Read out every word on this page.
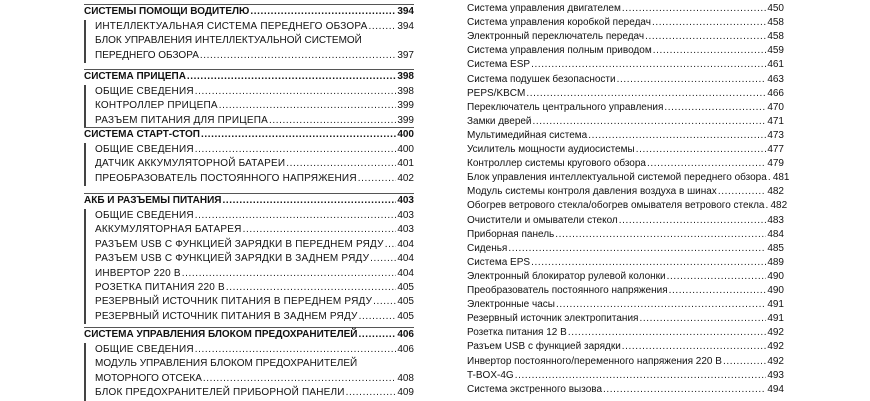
СИСТЕМЫ ПОМОЩИ ВОДИТЕЛЮ .....	394
ИНТЕЛЛЕКТУАЛЬНАЯ СИСТЕМА ПЕРЕДНЕГО ОБЗОРА .....	394
БЛОК УПРАВЛЕНИЯ ИНТЕЛЛЕКТУАЛЬНОЙ СИСТЕМОЙ
ПЕРЕДНЕГО ОБЗОРА .....	397
СИСТЕМА ПРИЦЕПА .....	398
ОБЩИЕ СВЕДЕНИЯ .....	398
КОНТРОЛЛЕР ПРИЦЕПА .....	399
РАЗЪЕМ ПИТАНИЯ ДЛЯ ПРИЦЕПА .....	399
СИСТЕМА СТАРТ-СТОП .....	400
ОБЩИЕ СВЕДЕНИЯ .....	400
ДАТЧИК АККУМУЛЯТОРНОЙ БАТАРЕИ .....	401
ПРЕОБРАЗОВАТЕЛЬ ПОСТОЯННОГО НАПРЯЖЕНИЯ .....	402
АКБ И РАЗЪЕМЫ ПИТАНИЯ .....	403
ОБЩИЕ СВЕДЕНИЯ .....	403
АККУМУЛЯТОРНАЯ БАТАРЕЯ .....	403
РАЗЪЕМ USB С ФУНКЦИЕЙ ЗАРЯДКИ В ПЕРЕДНЕМ РЯДУ ..... 404
РАЗЪЕМ USB С ФУНКЦИЕЙ ЗАРЯДКИ В ЗАДНЕМ РЯДУ .....	404
ИНВЕРТОР 220 В .....	404
РОЗЕТКА ПИТАНИЯ 220 В .....	405
РЕЗЕРВНЫЙ ИСТОЧНИК ПИТАНИЯ В ПЕРЕДНЕМ РЯДУ .....	405
РЕЗЕРВНЫЙ ИСТОЧНИК ПИТАНИЯ В ЗАДНЕМ РЯДУ .....	405
СИСТЕМА УПРАВЛЕНИЯ БЛОКОМ ПРЕДОХРАНИТЕЛЕЙ .....	406
ОБЩИЕ СВЕДЕНИЯ .....	406
МОДУЛЬ УПРАВЛЕНИЯ БЛОКОМ ПРЕДОХРАНИТЕЛЕЙ
МОТОРНОГО ОТСЕКА .....	408
БЛОК ПРЕДОХРАНИТЕЛЕЙ ПРИБОРНОЙ ПАНЕЛИ .....	409
Система управления двигателем .....	450
Система управления коробкой передач .....	458
Электронный переключатель передач .....	458
Система управления полным приводом .....	459
Система ESP .....	461
Система подушек безопасности .....	463
PEPS/KBCM .....	466
Переключатель центрального управления .....	470
Замки дверей .....	471
Мультимедийная система .....	473
Усилитель мощности аудиосистемы .....	477
Контроллер системы кругового обзора .....	479
Блок управления интеллектуальной системой переднего обзора ..... 481
Модуль системы контроля давления воздуха в шинах .....	482
Обогрев ветрового стекла/обогрев омывателя ветрового стекла ..... 482
Очистители и омыватели стекол .....	483
Приборная панель .....	484
Сиденья .....	485
Система EPS .....	489
Электронный блокиратор рулевой колонки .....	490
Преобразователь постоянного напряжения .....	490
Электронные часы .....	491
Резервный источник электропитания .....	491
Розетка питания 12 В .....	492
Разъем USB с функцией зарядки .....	492
Инвертор постоянного/переменного напряжения 220 В .....	492
T-BOX-4G .....	493
Система экстренного вызова .....	494
